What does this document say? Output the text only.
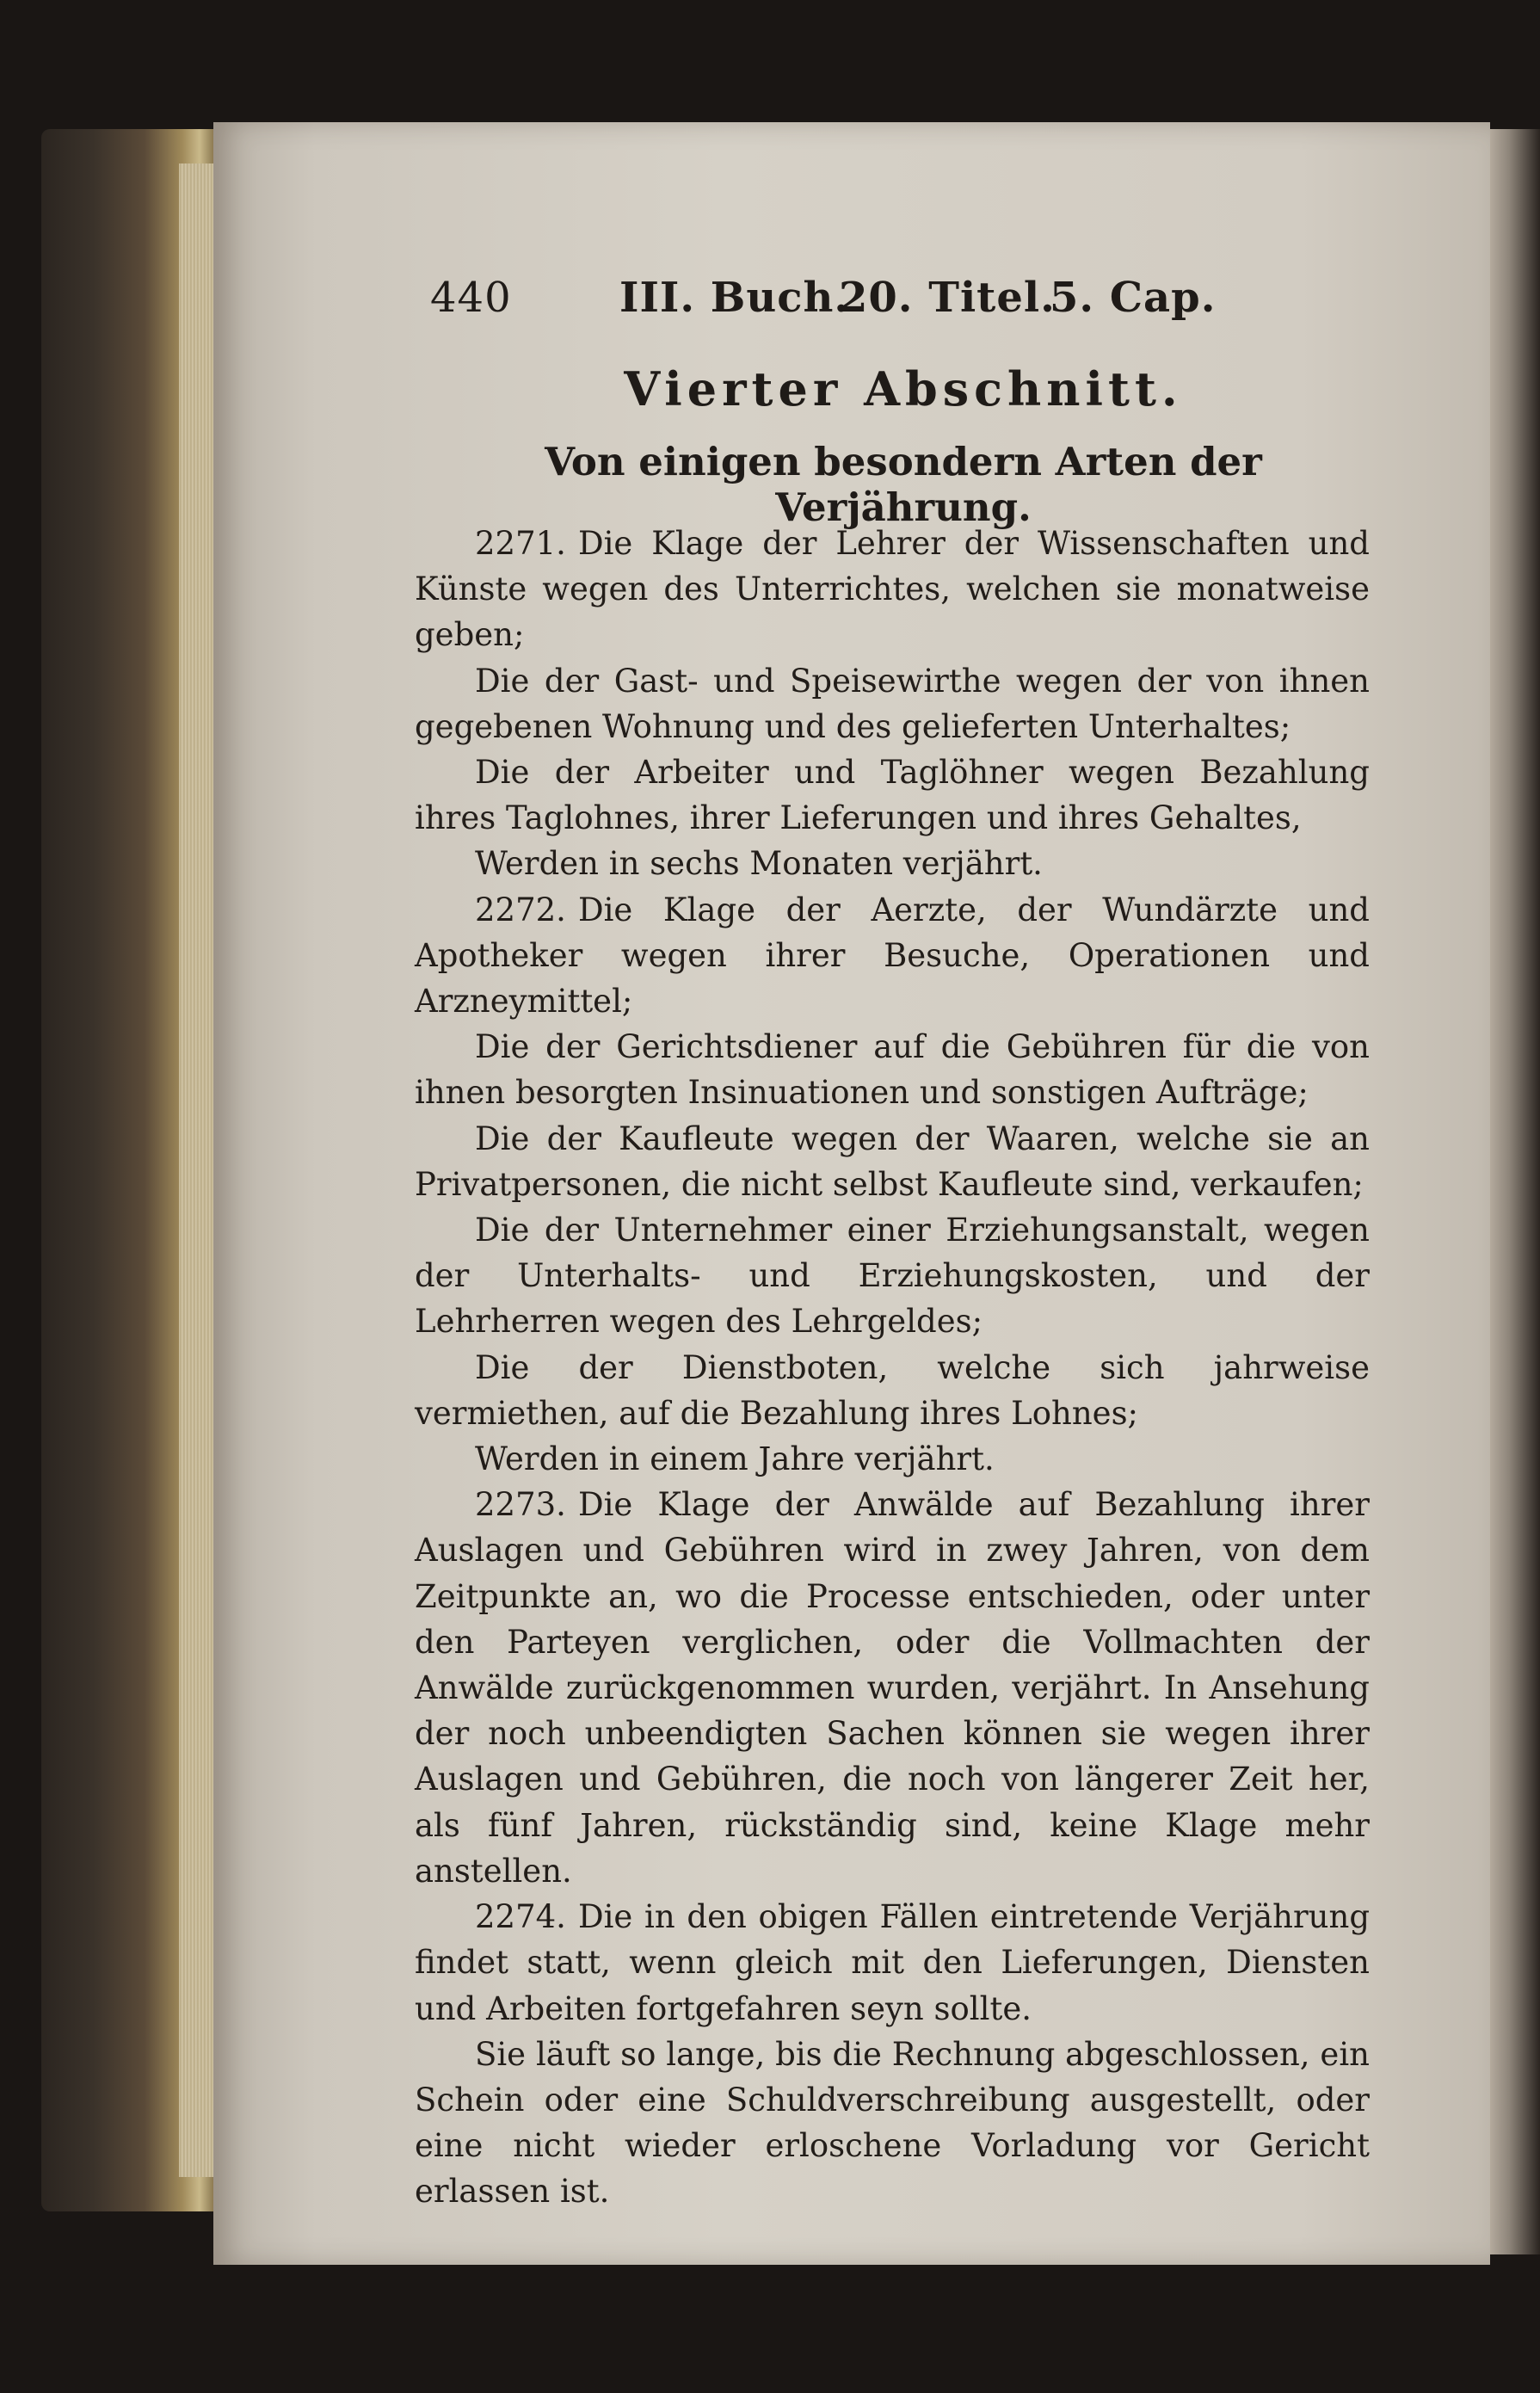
440	III. Buch.
20. Titel.
5. Cap.
Vierter Abschnitt.
Von einigen besondern Arten der Verjährung.

2271. Die Klage der Lehrer der Wissenschaften und Künste wegen des Unterrichtes, welchen sie monatweise geben;

Die der Gast- und Speisewirthe wegen der von ihnen gegebenen Wohnung und des gelieferten Unterhaltes;

Die der Arbeiter und Taglöhner wegen Bezahlung ihres Taglohnes, ihrer Lieferungen und ihres Gehaltes,

Werden in sechs Monaten verjährt.

2272. Die Klage der Aerzte, der Wundärzte und Apotheker wegen ihrer Besuche, Operationen und Arzneymittel;

Die der Gerichtsdiener auf die Gebühren für die von ihnen besorgten Insinuationen und sonstigen Aufträge;

Die der Kaufleute wegen der Waaren, welche sie an Privatpersonen, die nicht selbst Kaufleute sind, verkaufen;

Die der Unternehmer einer Erziehungsanstalt, wegen der Unterhalts- und Erziehungskosten, und der Lehrherren wegen des Lehrgeldes;

Die der Dienstboten, welche sich jahrweise vermiethen, auf die Bezahlung ihres Lohnes;

Werden in einem Jahre verjährt.

2273. Die Klage der Anwälde auf Bezahlung ihrer Auslagen und Gebühren wird in zwey Jahren, von dem Zeitpunkte an, wo die Processe entschieden, oder unter den Parteyen verglichen, oder die Vollmachten der Anwälde zurückgenommen wurden, verjährt. In Ansehung der noch unbeendigten Sachen können sie wegen ihrer Auslagen und Gebühren, die noch von längerer Zeit her, als fünf Jahren, rückständig sind, keine Klage mehr anstellen.

2274. Die in den obigen Fällen eintretende Verjährung findet statt, wenn gleich mit den Lieferungen, Diensten und Arbeiten fortgefahren seyn sollte.

Sie läuft so lange, bis die Rechnung abgeschlossen, ein Schein oder eine Schuldverschreibung ausgestellt, oder eine nicht wieder erloschene Vorladung vor Gericht erlassen ist.
